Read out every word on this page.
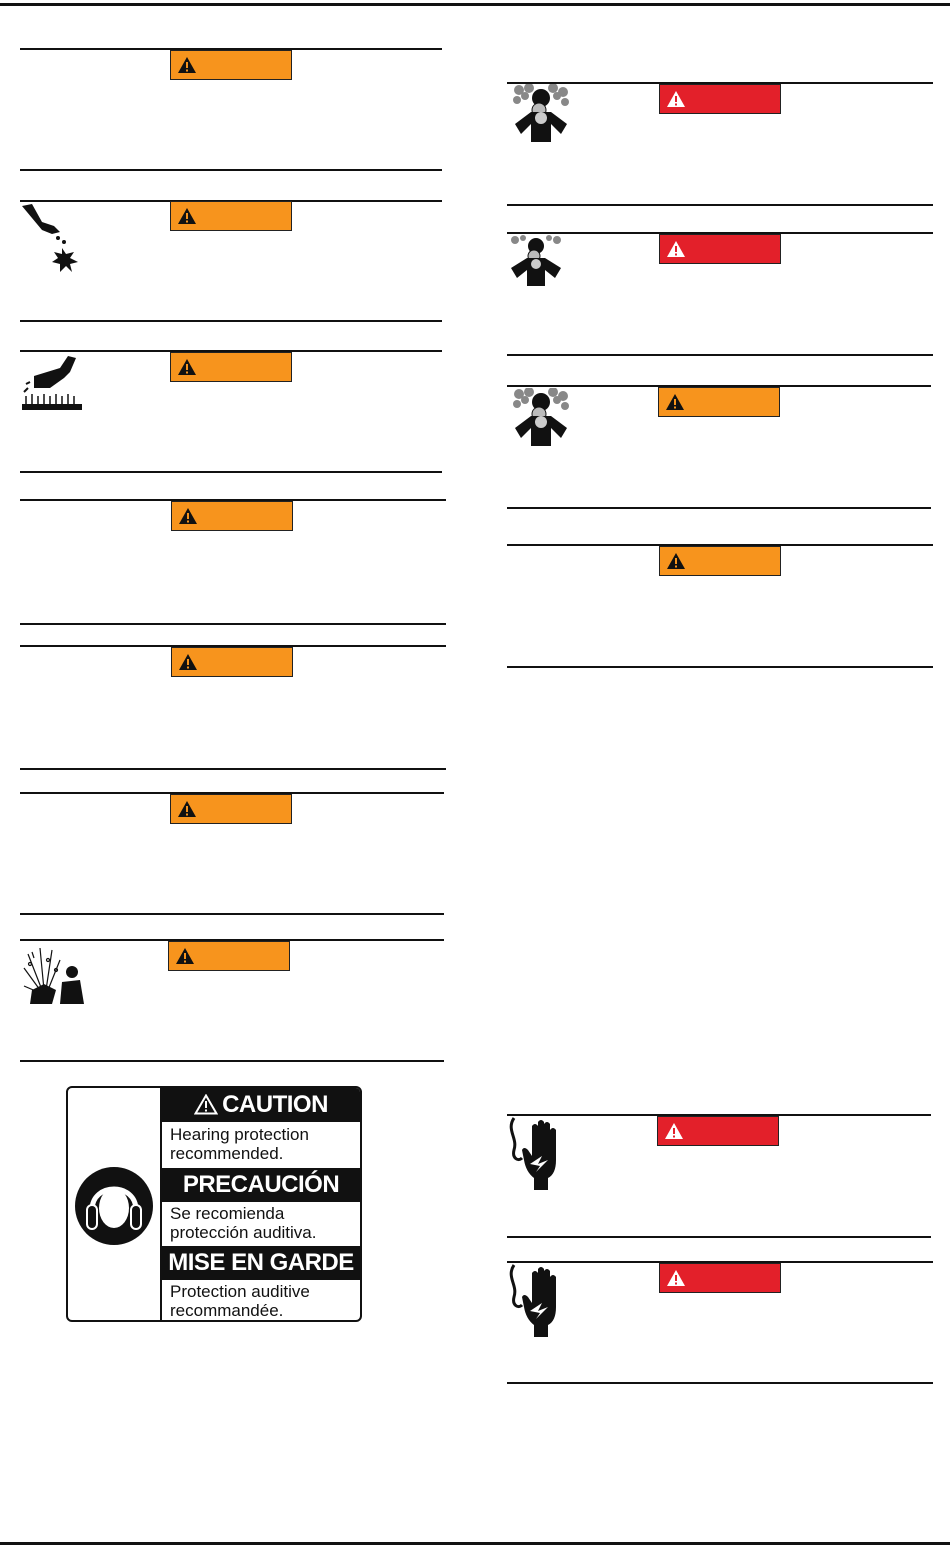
CAUTION
Hearing protection recommended.
PRECAUCIÓN
Se recomienda protección auditiva.
MISE EN GARDE
Protection auditive recommandée.
